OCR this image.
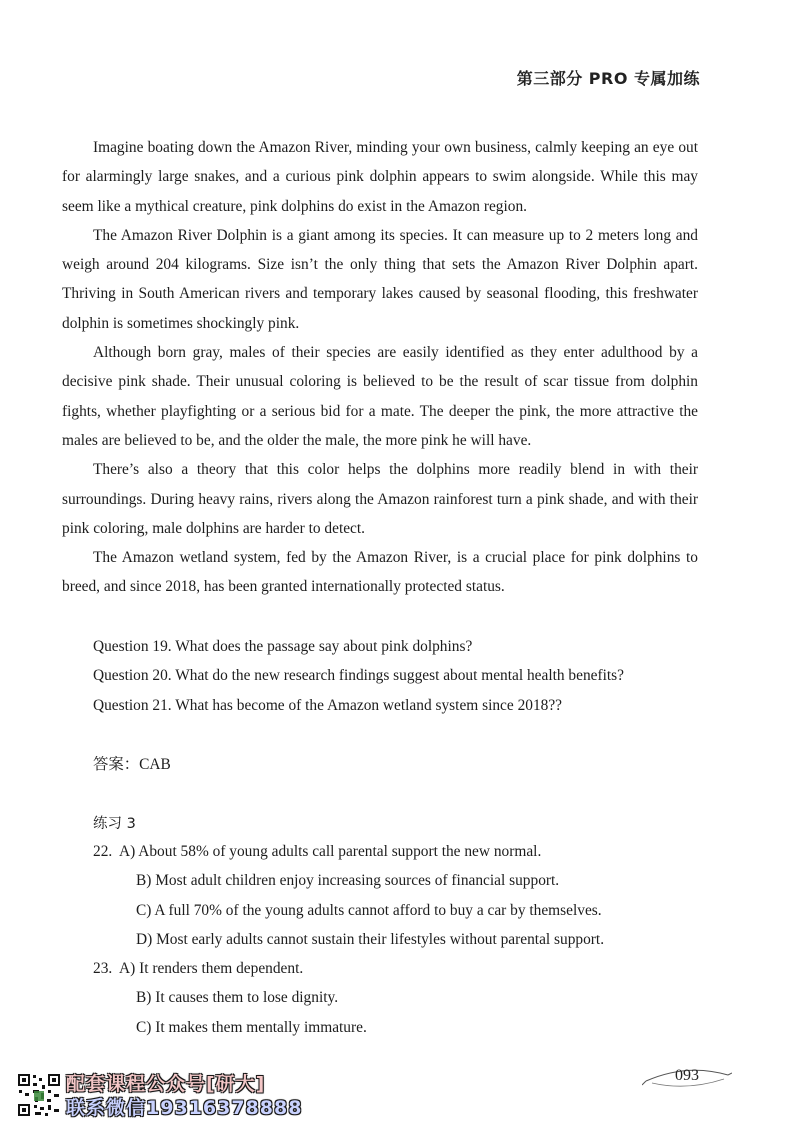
第三部分 PRO 专属加练

Imagine boating down the Amazon River, minding your own business, calmly keeping an eye out for alarmingly large snakes, and a curious pink dolphin appears to swim alongside. While this may seem like a mythical creature, pink dolphins do exist in the Amazon region.

The Amazon River Dolphin is a giant among its species. It can measure up to 2 meters long and weigh around 204 kilograms. Size isn’t the only thing that sets the Amazon River Dolphin apart. Thriving in South American rivers and temporary lakes caused by seasonal flooding, this freshwater dolphin is sometimes shockingly pink.

Although born gray, males of their species are easily identified as they enter adulthood by a decisive pink shade. Their unusual coloring is believed to be the result of scar tissue from dolphin fights, whether playfighting or a serious bid for a mate. The deeper the pink, the more attractive the males are believed to be, and the older the male, the more pink he will have.

There’s also a theory that this color helps the dolphins more readily blend in with their surroundings. During heavy rains, rivers along the Amazon rainforest turn a pink shade, and with their pink coloring, male dolphins are harder to detect.

The Amazon wetland system, fed by the Amazon River, is a crucial place for pink dolphins to breed, and since 2018, has been granted internationally protected status.

Question 19. What does the passage say about pink dolphins?
Question 20. What do the new research findings suggest about mental health benefits?
Question 21. What has become of the Amazon wetland system since 2018??
答案：CAB
练习 3
22. A) About 58% of young adults call parental support the new normal.
B) Most adult children enjoy increasing sources of financial support.
C) A full 70% of the young adults cannot afford to buy a car by themselves.
D) Most early adults cannot sustain their lifestyles without parental support.
23. A) It renders them dependent.
B) It causes them to lose dignity.
C) It makes them mentally immature.
093
配套课程公众号[研大]
联系微信19316378888
